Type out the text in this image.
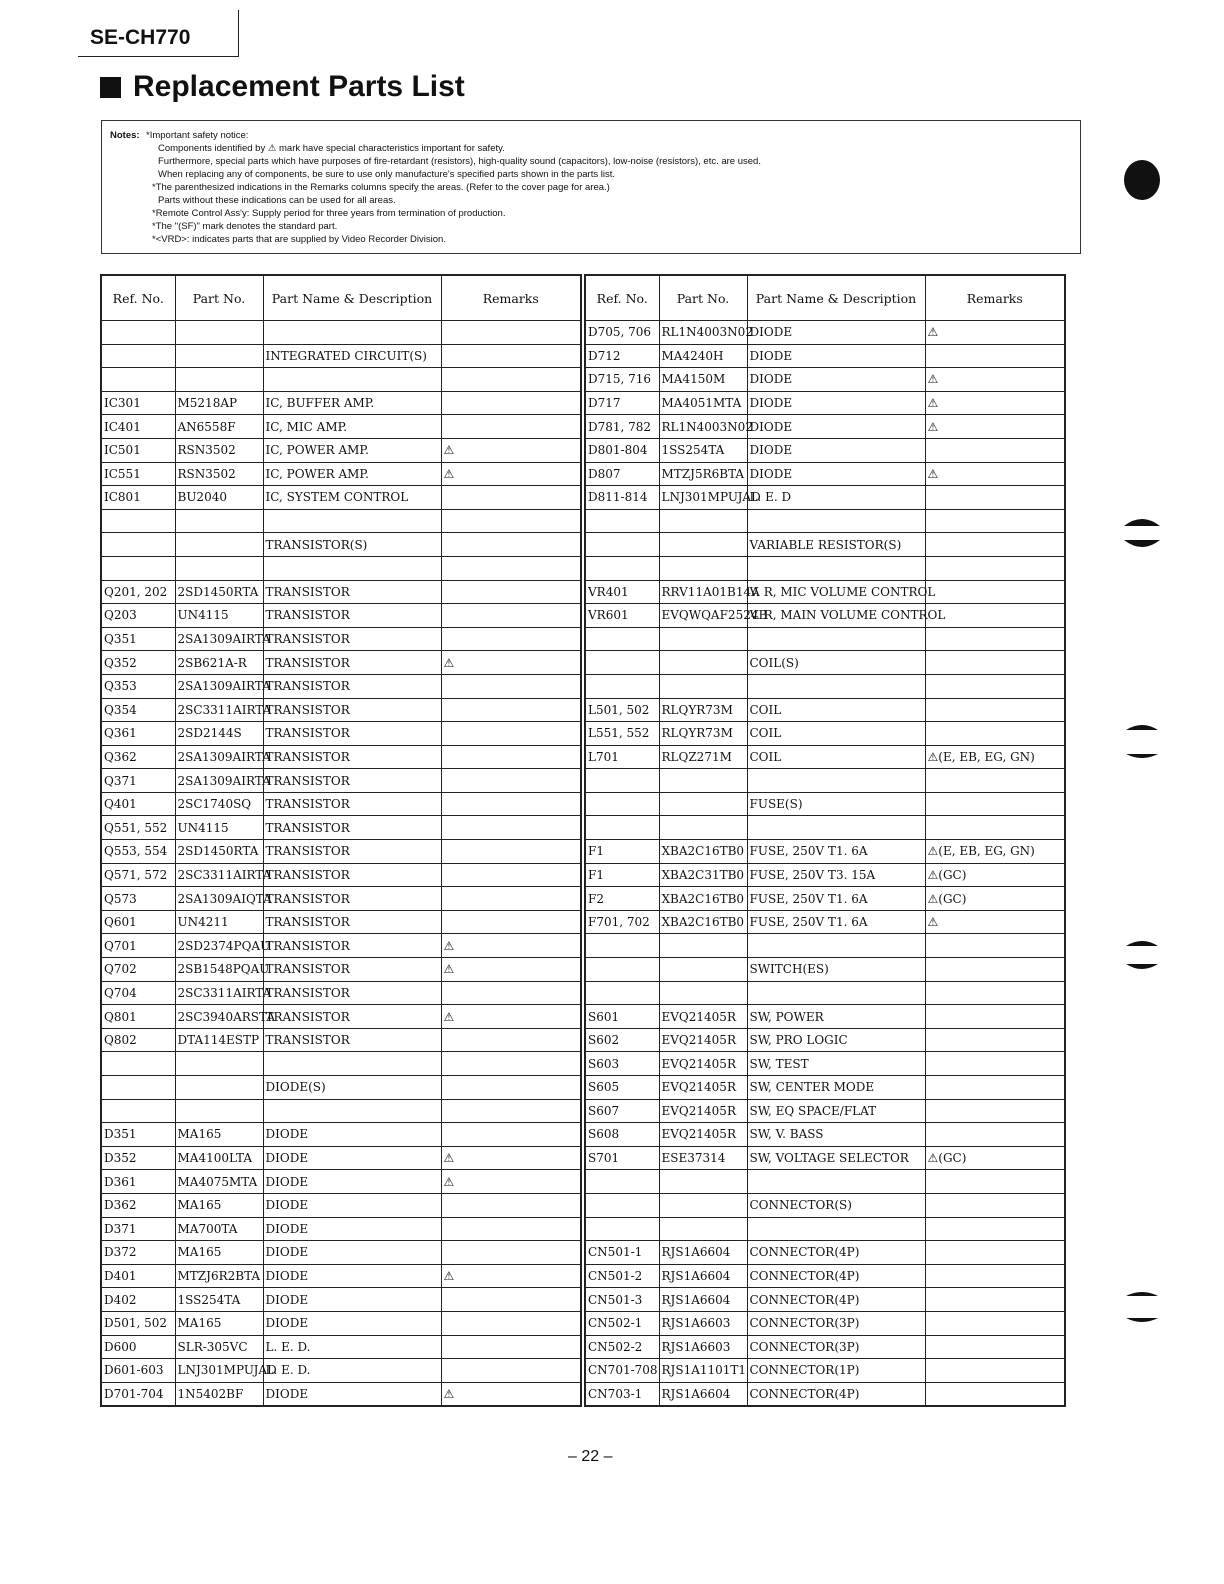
SE-CH770
Replacement Parts List
Notes: *Important safety notice:
Components identified by ⚠ mark have special characteristics important for safety.
Furthermore, special parts which have purposes of fire-retardant (resistors), high-quality sound (capacitors), low-noise (resistors), etc. are used.
When replacing any of components, be sure to use only manufacture's specified parts shown in the parts list.
*The parenthesized indications in the Remarks columns specify the areas. (Refer to the cover page for area.)
Parts without these indications can be used for all areas.
*Remote Control Ass'y: Supply period for three years from termination of production.
*The "(SF)" mark denotes the standard part.
*<VRD>: indicates parts that are supplied by Video Recorder Division.
Ref. No.	Part No.	Part Name & Description	Remarks

		INTEGRATED CIRCUIT(S)	

IC301	M5218AP	IC, BUFFER AMP.	
IC401	AN6558F	IC, MIC AMP.	
IC501	RSN3502	IC, POWER AMP.	⚠
IC551	RSN3502	IC, POWER AMP.	⚠
IC801	BU2040	IC, SYSTEM CONTROL	

		TRANSISTOR(S)	

Q201, 202	2SD1450RTA	TRANSISTOR	
Q203	UN4115	TRANSISTOR	
Q351	2SA1309AIRTA	TRANSISTOR	
Q352	2SB621A-R	TRANSISTOR	⚠
Q353	2SA1309AIRTA	TRANSISTOR	
Q354	2SC3311AIRTA	TRANSISTOR	
Q361	2SD2144S	TRANSISTOR	
Q362	2SA1309AIRTA	TRANSISTOR	
Q371	2SA1309AIRTA	TRANSISTOR	
Q401	2SC1740SQ	TRANSISTOR	
Q551, 552	UN4115	TRANSISTOR	
Q553, 554	2SD1450RTA	TRANSISTOR	
Q571, 572	2SC3311AIRTA	TRANSISTOR	
Q573	2SA1309AIQTA	TRANSISTOR	
Q601	UN4211	TRANSISTOR	
Q701	2SD2374PQAU	TRANSISTOR	⚠
Q702	2SB1548PQAU	TRANSISTOR	⚠
Q704	2SC3311AIRTA	TRANSISTOR	
Q801	2SC3940ARSTA	TRANSISTOR	⚠
Q802	DTA114ESTP	TRANSISTOR	

		DIODE(S)	

D351	MA165	DIODE	
D352	MA4100LTA	DIODE	⚠
D361	MA4075MTA	DIODE	⚠
D362	MA165	DIODE	
D371	MA700TA	DIODE	
D372	MA165	DIODE	
D401	MTZJ6R2BTA	DIODE	⚠
D402	1SS254TA	DIODE	
D501, 502	MA165	DIODE	
D600	SLR-305VC	L. E. D.	
D601-603	LNJ301MPUJAD	L. E. D.	
D701-704	1N5402BF	DIODE	⚠
Ref. No.	Part No.	Part Name & Description	Remarks
D705, 706	RL1N4003N02	DIODE	⚠
D712	MA4240H	DIODE	
D715, 716	MA4150M	DIODE	⚠
D717	MA4051MTA	DIODE	⚠
D781, 782	RL1N4003N02	DIODE	⚠
D801-804	1SS254TA	DIODE	
D807	MTZJ5R6BTA	DIODE	⚠
D811-814	LNJ301MPUJAD	L. E. D	

		VARIABLE RESISTOR(S)	

VR401	RRV11A01B14A	V. R, MIC VOLUME CONTROL	
VR601	EVQWQAF2524B	V. R, MAIN VOLUME CONTROL	

		COIL(S)	

L501, 502	RLQYR73M	COIL	
L551, 552	RLQYR73M	COIL	
L701	RLQZ271M	COIL	⚠(E, EB, EG, GN)

		FUSE(S)	

F1	XBA2C16TB0	FUSE, 250V T1. 6A	⚠(E, EB, EG, GN)
F1	XBA2C31TB0	FUSE, 250V T3. 15A	⚠(GC)
F2	XBA2C16TB0	FUSE, 250V T1. 6A	⚠(GC)
F701, 702	XBA2C16TB0	FUSE, 250V T1. 6A	⚠

		SWITCH(ES)	

S601	EVQ21405R	SW, POWER	
S602	EVQ21405R	SW, PRO LOGIC	
S603	EVQ21405R	SW, TEST	
S605	EVQ21405R	SW, CENTER MODE	
S607	EVQ21405R	SW, EQ SPACE/FLAT	
S608	EVQ21405R	SW, V. BASS	
S701	ESE37314	SW, VOLTAGE SELECTOR	⚠(GC)

		CONNECTOR(S)	

CN501-1	RJS1A6604	CONNECTOR(4P)	
CN501-2	RJS1A6604	CONNECTOR(4P)	
CN501-3	RJS1A6604	CONNECTOR(4P)	
CN502-1	RJS1A6603	CONNECTOR(3P)	
CN502-2	RJS1A6603	CONNECTOR(3P)	
CN701-708	RJS1A1101T1	CONNECTOR(1P)	
CN703-1	RJS1A6604	CONNECTOR(4P)	
– 22 –
